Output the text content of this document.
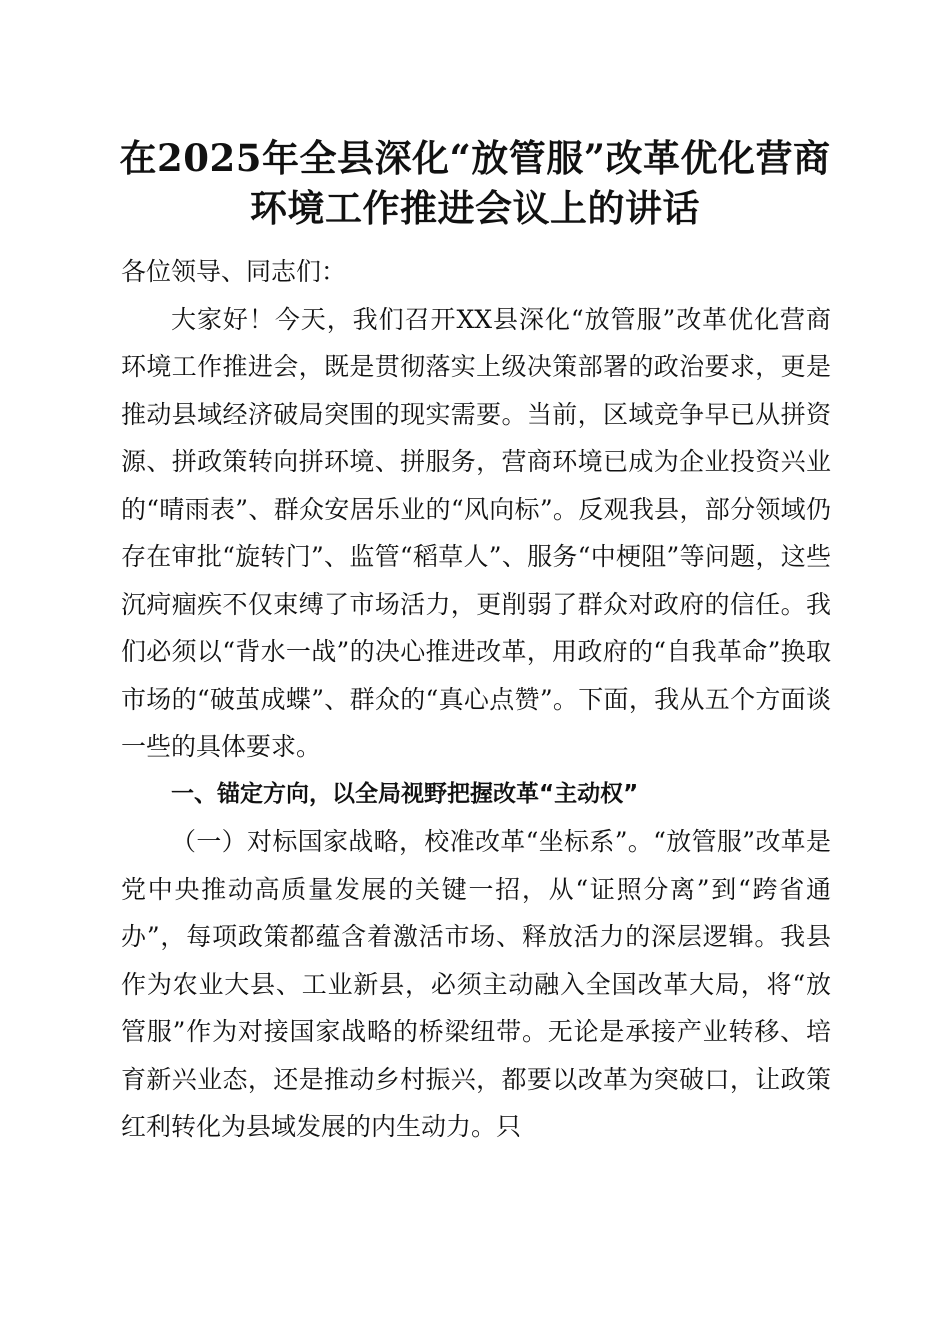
在2025年全县深化“放管服”改革优化营商
环境工作推进会议上的讲话

各位领导、同志们：

大家好！今天，我们召开XX县深化“放管服”改革优化营商环境工作推进会，既是贯彻落实上级决策部署的政治要求，更是推动县域经济破局突围的现实需要。当前，区域竞争早已从拼资源、拼政策转向拼环境、拼服务，营商环境已成为企业投资兴业的“晴雨表”、群众安居乐业的“风向标”。反观我县，部分领域仍存在审批“旋转门”、监管“稻草人”、服务“中梗阻”等问题，这些沉疴痼疾不仅束缚了市场活力，更削弱了群众对政府的信任。我们必须以“背水一战”的决心推进改革，用政府的“自我革命”换取市场的“破茧成蝶”、群众的“真心点赞”。下面，我从五个方面谈一些的具体要求。

一、锚定方向，以全局视野把握改革“主动权”

（一）对标国家战略，校准改革“坐标系”。“放管服”改革是党中央推动高质量发展的关键一招，从“证照分离”到“跨省通办”，每项政策都蕴含着激活市场、释放活力的深层逻辑。我县作为农业大县、工业新县，必须主动融入全国改革大局，将“放管服”作为对接国家战略的桥梁纽带。无论是承接产业转移、培育新兴业态，还是推动乡村振兴，都要以改革为突破口，让政策红利转化为县域发展的内生动力。只
